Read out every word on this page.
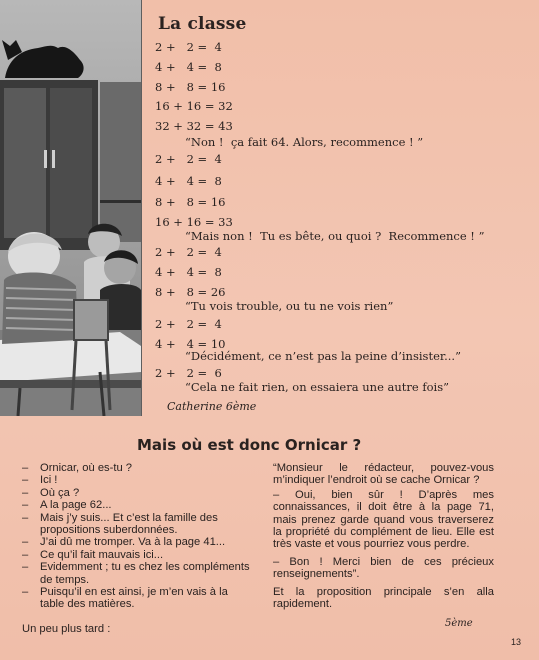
La classe
2 +   2 =  4
4 +   4 =  8
8 +   8 = 16
16 + 16 = 32
32 + 32 = 43
“Non !  ça fait 64. Alors, recommence ! ”
2 +   2 =  4
4 +   4 =  8
8 +   8 = 16
16 + 16 = 33
“Mais non !  Tu es bête, ou quoi ?  Recommence ! ”
2 +   2 =  4
4 +   4 =  8
8 +   8 = 26
“Tu vois trouble, ou tu ne vois rien”
2 +   2 =  4
4 +   4 = 10
“Décidément, ce n’est pas la peine d’insister...”
2 +   2 =  6
“Cela ne fait rien, on essaiera une autre fois”
Catherine 6ème
Mais où est donc Ornicar ?
– Ornicar, où es-tu ?
– Ici !
– Où ça ?
– A la page 62...
– Mais j’y suis... Et c’est la famille des propositions suberdonnées.
– J’ai dû me tromper. Va à la page 41...
– Ce qu’il fait mauvais ici...
– Evidemment ; tu es chez les compléments de temps.
– Puisqu’il en est ainsi, je m’en vais à la table des matières.
Un peu plus tard :

“Monsieur le rédacteur, pouvez-vous m’indiquer l’endroit où se cache Ornicar ?

– Oui, bien sûr ! D’après mes connaissances, il doit être à la page 71, mais prenez garde quand vous traverserez la propriété du complément de lieu. Elle est très vaste et vous pourriez vous perdre.

– Bon ! Merci bien de ces précieux renseignements”.

Et la proposition principale s’en alla rapidement.

5ème
13
